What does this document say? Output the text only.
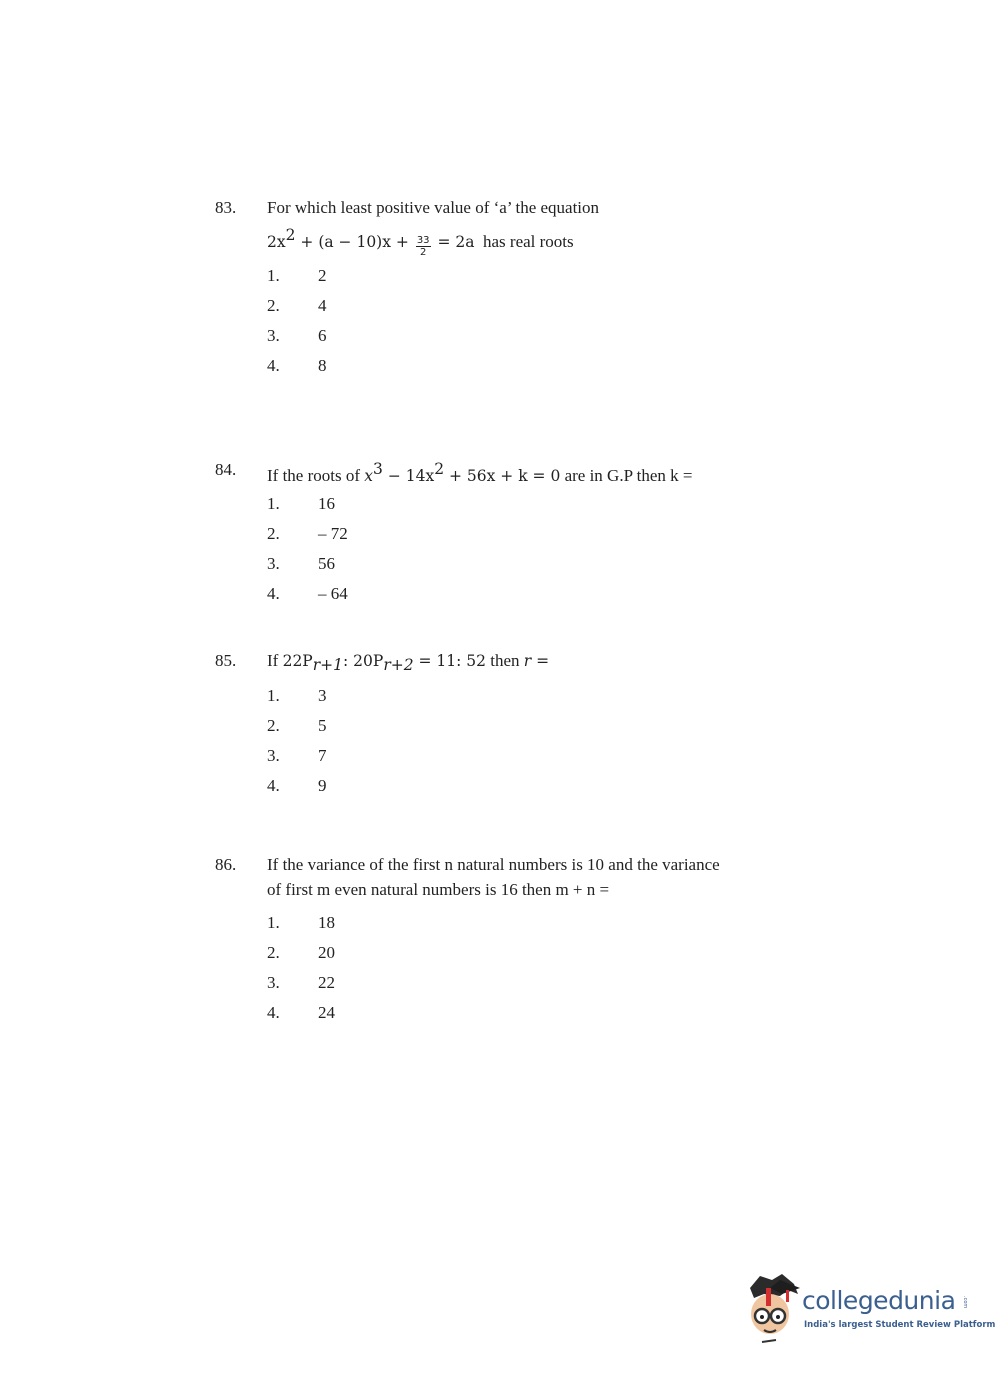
83. For which least positive value of ‘a’ the equation
$2x^2 + (a - 10)x + \frac{33}{2} = 2a$ has real roots
1. 2
2. 4
3. 6
4. 8
84. If the roots of $x^3 - 14x^2 + 56x + k = 0$ are in G.P then k =
1. 16
2. – 72
3. 56
4. – 64
85. If $22P_{r+1}$: $20P_{r+2} = 11$: 52 then r =
1. 3
2. 5
3. 7
4. 9
86. If the variance of the first n natural numbers is 10 and the variance
of first m even natural numbers is 16 then m + n =
1. 18
2. 20
3. 22
4. 24
collegedunia .com
India's largest Student Review Platform
